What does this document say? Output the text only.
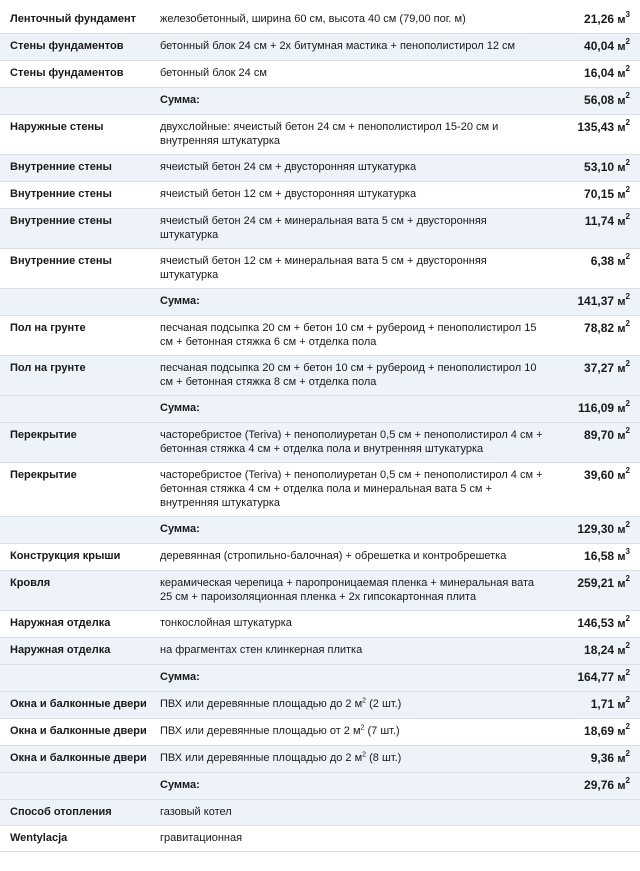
Ленточный фундамент	железобетонный, ширина 60 см, высота 40 см (79,00 пог. м)	21,26 $м^3$
Стены фундаментов	бетонный блок 24 см + 2х битумная мастика + пенополистирол 12 см	40,04 $м^2$
Стены фундаментов	бетонный блок 24 см	16,04 $м^2$
	Сумма:	56,08 $м^2$
Наружные стены	двухслойные: ячеистый бетон 24 см + пенополистирол 15-20 см и внутренняя штукатурка	135,43 $м^2$
Внутренние стены	ячеистый бетон 24 см + двусторонняя штукатурка	53,10 $м^2$
Внутренние стены	ячеистый бетон 12 см + двусторонняя штукатурка	70,15 $м^2$
Внутренние стены	ячеистый бетон 24 см + минеральная вата 5 см + двусторонняя штукатурка	11,74 $м^2$
Внутренние стены	ячеистый бетон 12 см + минеральная вата 5 см + двусторонняя штукатурка	6,38 $м^2$
	Сумма:	141,37 $м^2$
Пол на грунте	песчаная подсыпка 20 см + бетон 10 см + рубероид + пенополистирол 15 см + бетонная стяжка 6 см + отделка пола	78,82 $м^2$
Пол на грунте	песчаная подсыпка 20 см + бетон 10 см + рубероид + пенополистирол 10 см + бетонная стяжка 8 см + отделка пола	37,27 $м^2$
	Сумма:	116,09 $м^2$
Перекрытие	часторебристое (Teriva) + пенополиуретан 0,5 см + пенополистирол 4 см + бетонная стяжка 4 см + отделка пола и внутренняя штукатурка	89,70 $м^2$
Перекрытие	часторебристое (Teriva) + пенополиуретан 0,5 см + пенополистирол 4 см + бетонная стяжка 4 см + отделка пола и минеральная вата 5 см + внутренняя штукатурка	39,60 $м^2$
	Сумма:	129,30 $м^2$
Конструкция крыши	деревянная (стропильно-балочная) + обрешетка и контробрешетка	16,58 $м^3$
Кровля	керамическая черепица + паропроницаемая пленка + минеральная вата 25 см + пароизоляционная пленка + 2х гипсокартонная плита	259,21 $м^2$
Наружная отделка	тонкослойная штукатурка	146,53 $м^2$
Наружная отделка	на фрагментах стен клинкерная плитка	18,24 $м^2$
	Сумма:	164,77 $м^2$
Окна и балконные двери	ПВХ или деревянные площадью до 2 $м^2$ (2 шт.)	1,71 $м^2$
Окна и балконные двери	ПВХ или деревянные площадью от 2 $м^2$ (7 шт.)	18,69 $м^2$
Окна и балконные двери	ПВХ или деревянные площадью до 2 $м^2$ (8 шт.)	9,36 $м^2$
	Сумма:	29,76 $м^2$
Способ отопления	газовый котел	
Wentylacja	гравитационная	
